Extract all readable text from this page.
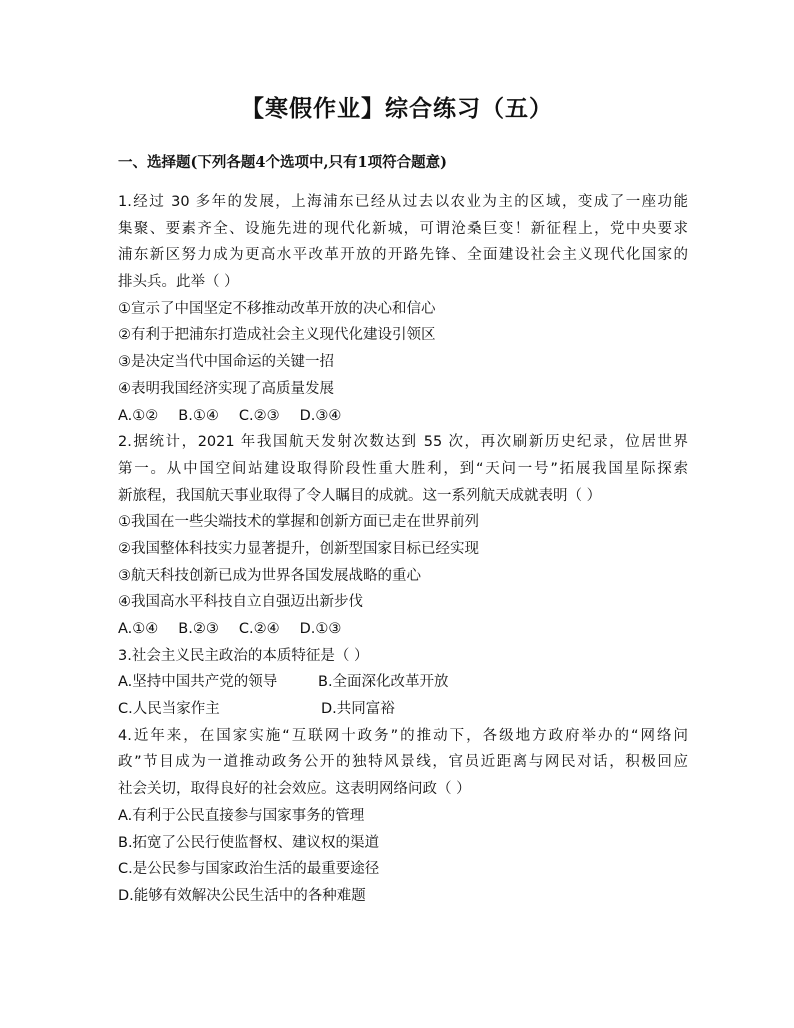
【寒假作业】综合练习（五）
一、选择题(下列各题4个选项中,只有1项符合题意)
1.经过 30 多年的发展，上海浦东已经从过去以农业为主的区域，变成了一座功能
集聚、要素齐全、设施先进的现代化新城，可谓沧桑巨变！新征程上，党中央要求
浦东新区努力成为更高水平改革开放的开路先锋、全面建设社会主义现代化国家的
排头兵。此举（ ）
①宣示了中国坚定不移推动改革开放的决心和信心
②有利于把浦东打造成社会主义现代化建设引领区
③是决定当代中国命运的关键一招
④表明我国经济实现了高质量发展
A.①② B.①④ C.②③ D.③④
2.据统计，2021 年我国航天发射次数达到 55 次，再次刷新历史纪录，位居世界
第一。从中国空间站建设取得阶段性重大胜利，到“天问一号”拓展我国星际探索
新旅程，我国航天事业取得了令人瞩目的成就。这一系列航天成就表明（ ）
①我国在一些尖端技术的掌握和创新方面已走在世界前列
②我国整体科技实力显著提升，创新型国家目标已经实现
③航天科技创新已成为世界各国发展战略的重心
④我国高水平科技自立自强迈出新步伐
A.①④ B.②③ C.②④ D.①③
3.社会主义民主政治的本质特征是（ ）
A.坚持中国共产党的领导	B.全面深化改革开放
C.人民当家作主	D.共同富裕
4.近年来，在国家实施“互联网十政务”的推动下，各级地方政府举办的“网络问
政”节目成为一道推动政务公开的独特风景线，官员近距离与网民对话，积极回应
社会关切，取得良好的社会效应。这表明网络问政（ ）
A.有利于公民直接参与国家事务的管理
B.拓宽了公民行使监督权、建议权的渠道
C.是公民参与国家政治生活的最重要途径
D.能够有效解决公民生活中的各种难题
